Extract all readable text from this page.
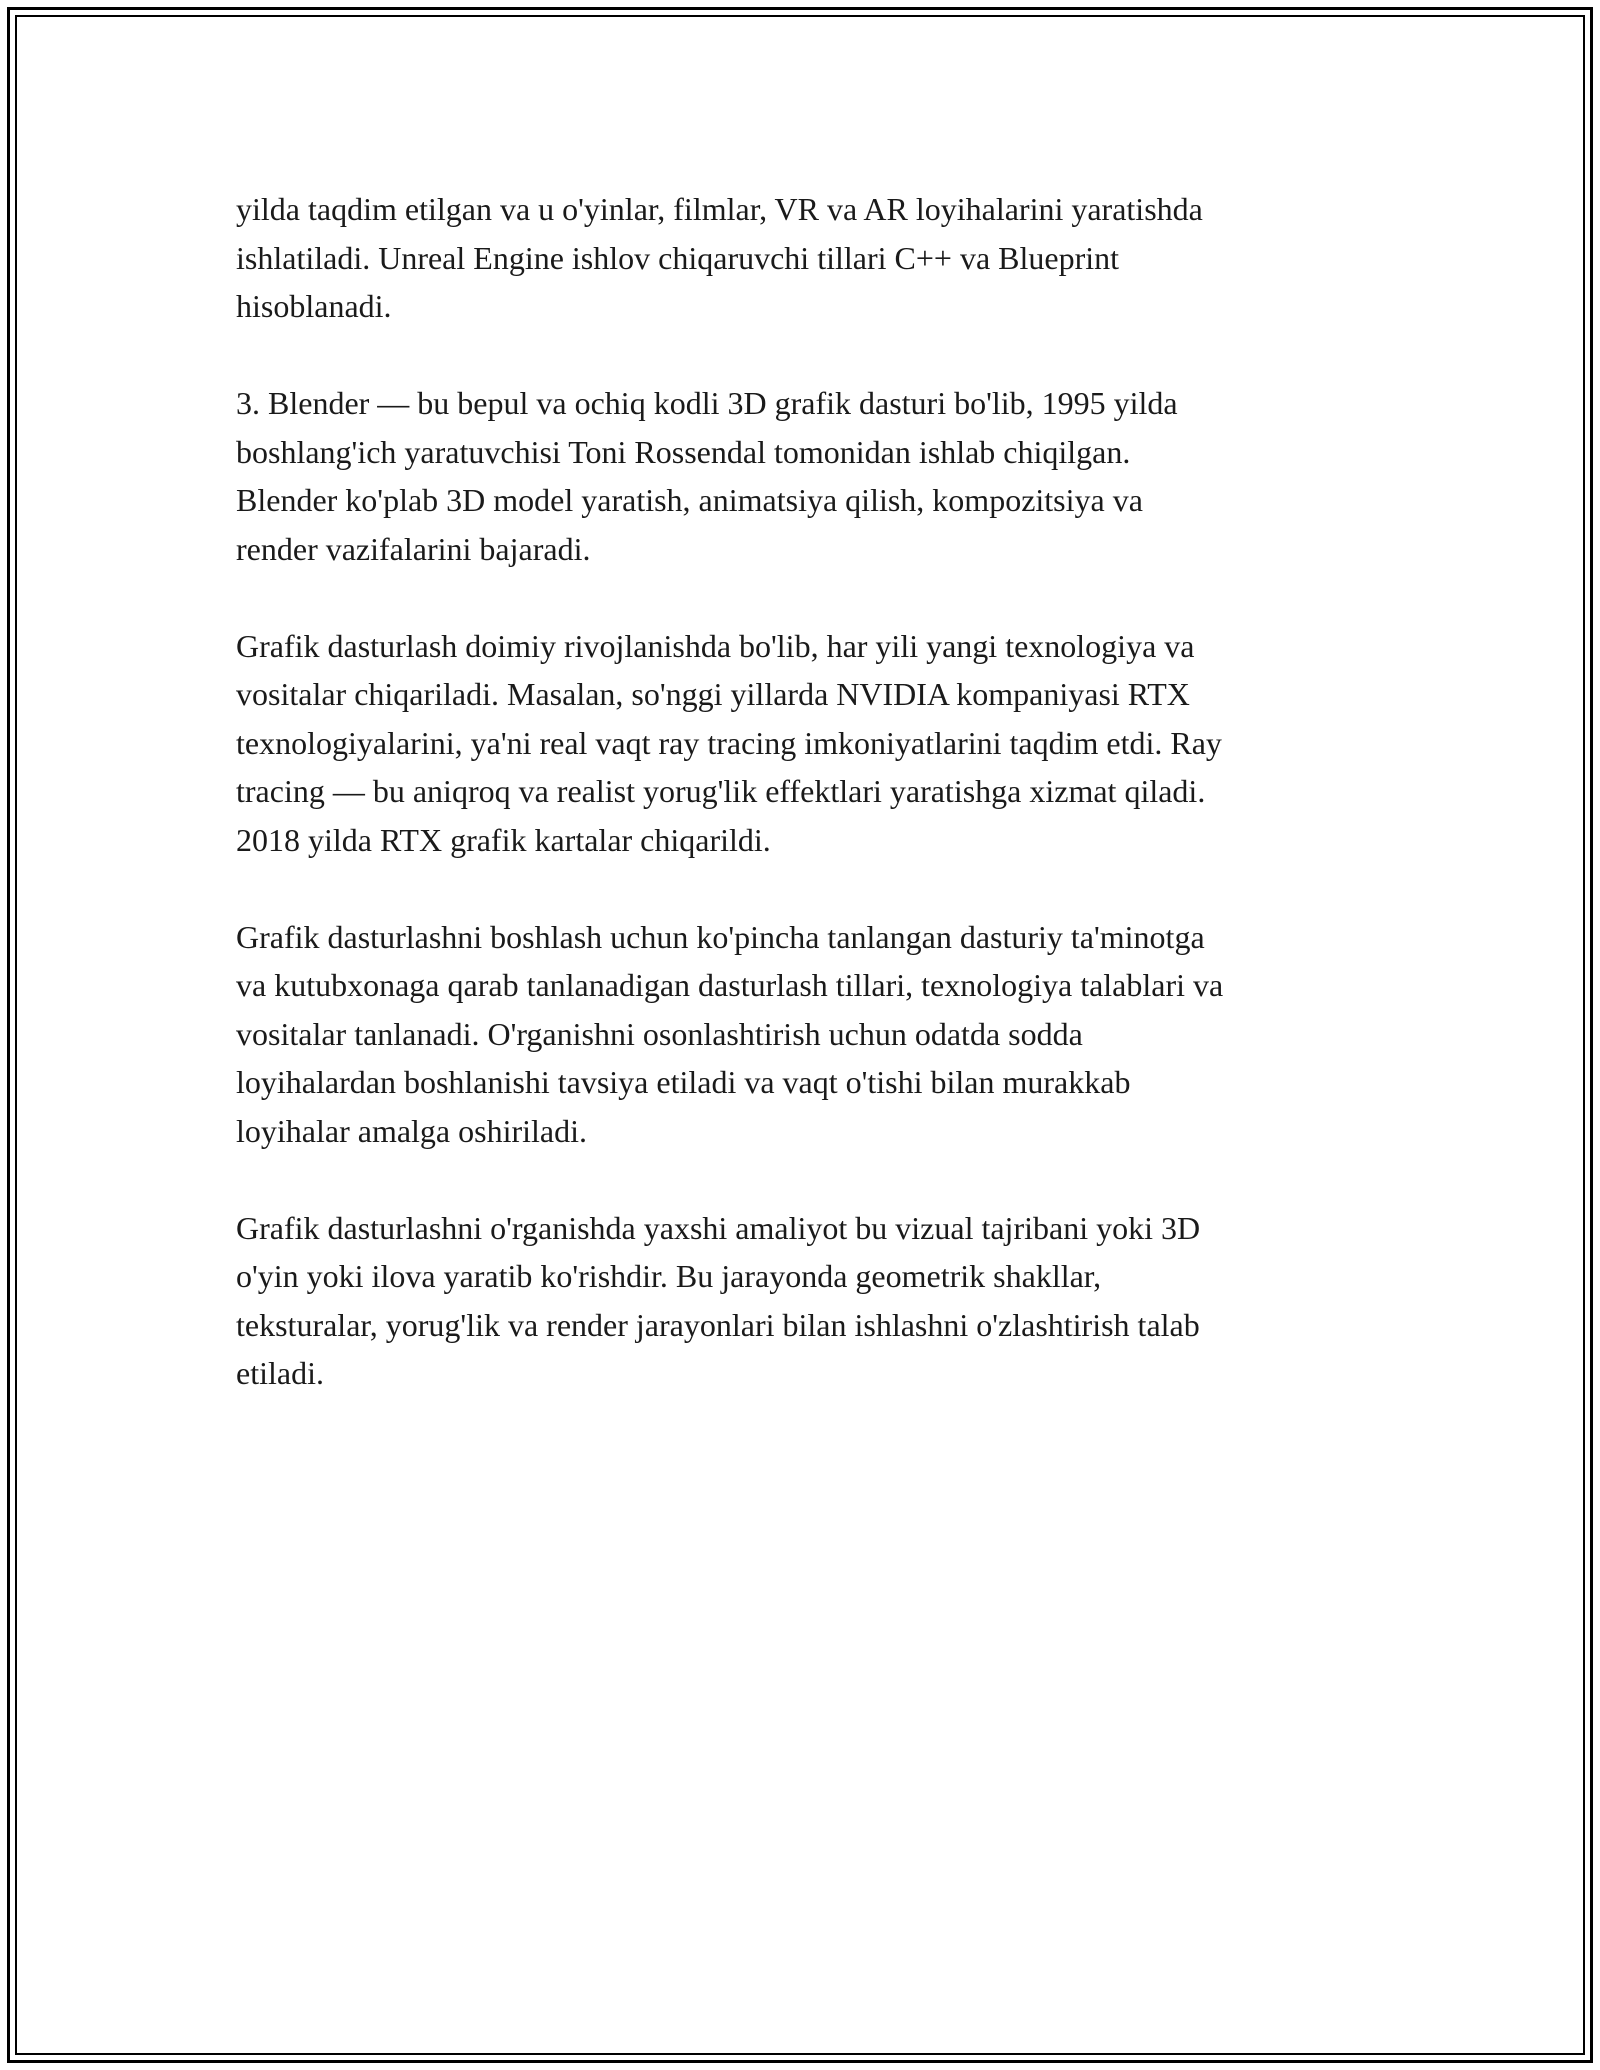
yilda taqdim etilgan va u o'yinlar, filmlar, VR va AR loyihalarini yaratishda
ishlatiladi. Unreal Engine ishlov chiqaruvchi tillari C++ va Blueprint
hisoblanadi.

3. Blender — bu bepul va ochiq kodli 3D grafik dasturi bo'lib, 1995 yilda
boshlang'ich yaratuvchisi Toni Rossendal tomonidan ishlab chiqilgan.
Blender ko'plab 3D model yaratish, animatsiya qilish, kompozitsiya va
render vazifalarini bajaradi.

Grafik dasturlash doimiy rivojlanishda bo'lib, har yili yangi texnologiya va
vositalar chiqariladi. Masalan, so'nggi yillarda NVIDIA kompaniyasi RTX
texnologiyalarini, ya'ni real vaqt ray tracing imkoniyatlarini taqdim etdi. Ray
tracing — bu aniqroq va realist yorug'lik effektlari yaratishga xizmat qiladi.
2018 yilda RTX grafik kartalar chiqarildi.

Grafik dasturlashni boshlash uchun ko'pincha tanlangan dasturiy ta'minotga
va kutubxonaga qarab tanlanadigan dasturlash tillari, texnologiya talablari va
vositalar tanlanadi. O'rganishni osonlashtirish uchun odatda sodda
loyihalardan boshlanishi tavsiya etiladi va vaqt o'tishi bilan murakkab
loyihalar amalga oshiriladi.

Grafik dasturlashni o'rganishda yaxshi amaliyot bu vizual tajribani yoki 3D
o'yin yoki ilova yaratib ko'rishdir. Bu jarayonda geometrik shakllar,
teksturalar, yorug'lik va render jarayonlari bilan ishlashni o'zlashtirish talab
etiladi.
